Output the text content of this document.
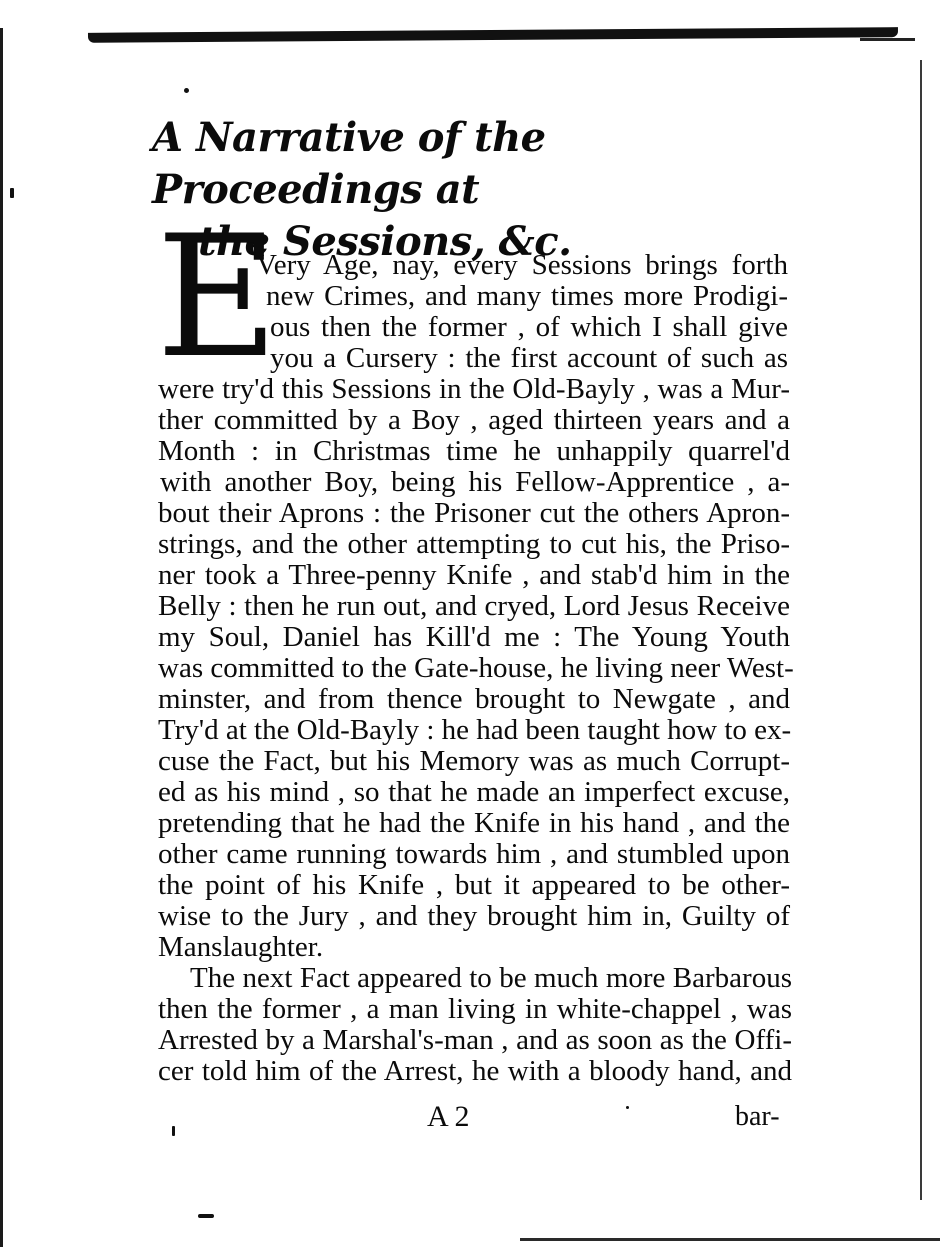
A Narrative of the Proceedings at
the Sessions, &c.
E
Very Age, nay, every Sessions brings forth
new Crimes, and many times more Prodigi-
ous then the former , of which I shall give
you a Cursery : the first account of such as
were try'd this Sessions in the Old-Bayly , was a Mur-
ther committed by a Boy , aged thirteen years and a
Month : in Christmas time he unhappily quarrel'd
with another Boy, being his Fellow-Apprentice , a-
bout their Aprons : the Prisoner cut the others Apron-
strings, and the other attempting to cut his, the Priso-
ner took a Three-penny Knife , and stab'd him in the
Belly : then he run out, and cryed, Lord Jesus Receive
my Soul, Daniel has Kill'd me : The Young Youth
was committed to the Gate-house, he living neer West-
minster, and from thence brought to Newgate , and
Try'd at the Old-Bayly : he had been taught how to ex-
cuse the Fact, but his Memory was as much Corrupt-
ed as his mind , so that he made an imperfect excuse,
pretending that he had the Knife in his hand , and the
other came running towards him , and stumbled upon
the point of his Knife , but it appeared to be other-
wise to the Jury , and they brought him in, Guilty of
Manslaughter.
The next Fact appeared to be much more Barbarous
then the former , a man living in white-chappel , was
Arrested by a Marshal's-man , and as soon as the Offi-
cer told him of the Arrest, he with a bloody hand, and
A 2	bar-
